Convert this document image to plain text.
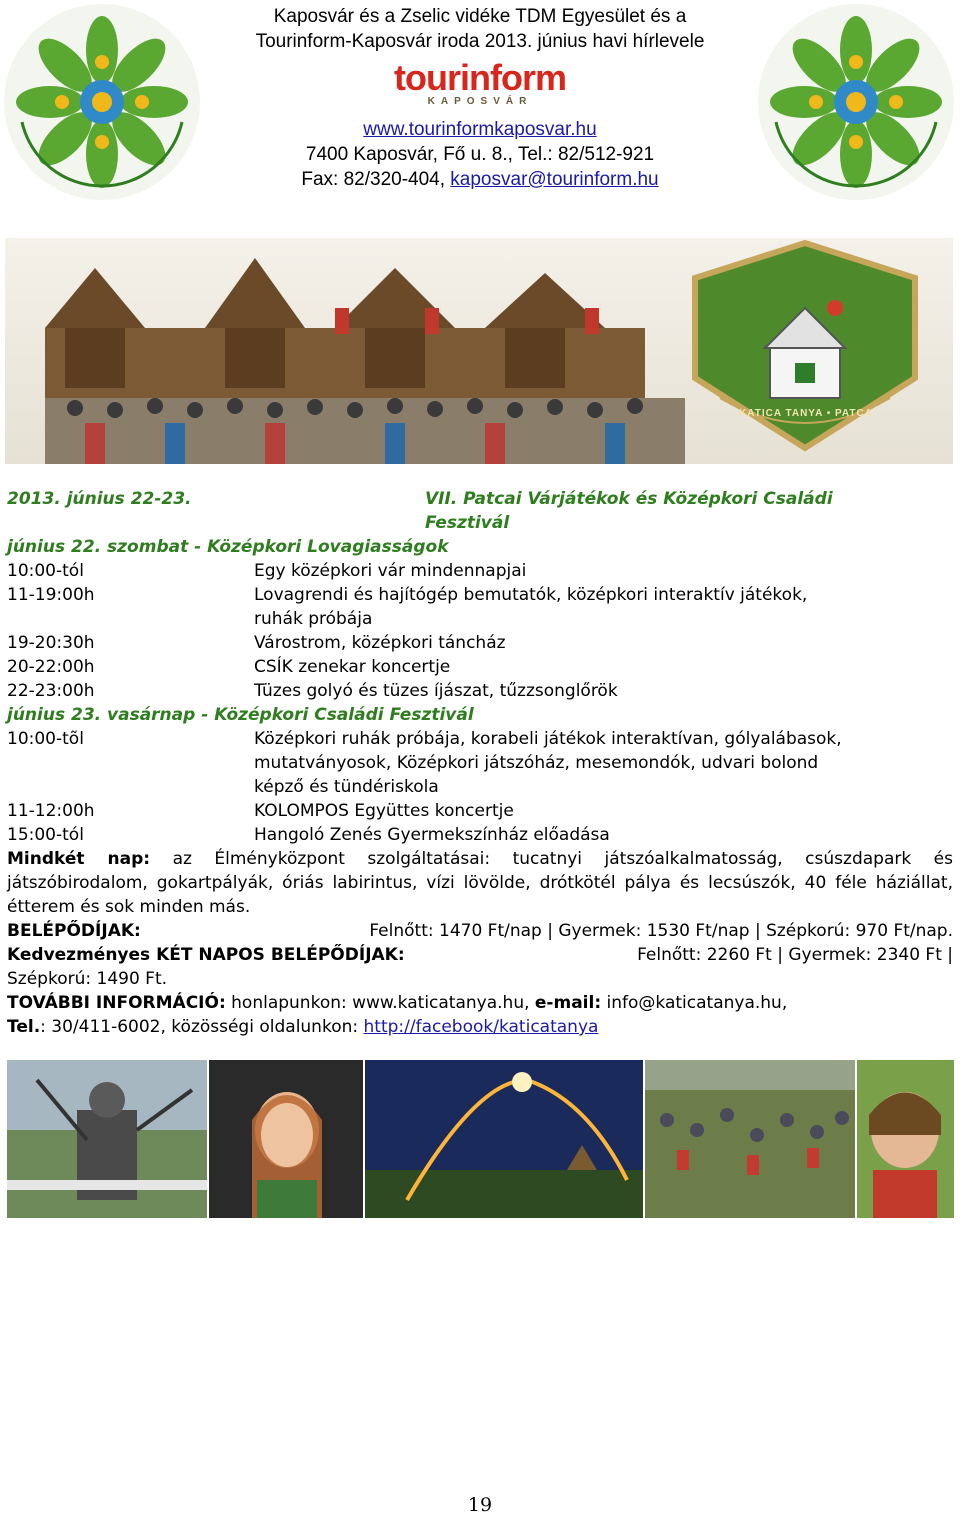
Kaposvár és a Zselic vidéke TDM Egyesület és a
Tourinform-Kaposvár iroda 2013. június havi hírlevele
tourinform
KAPOSVÁR
www.tourinformkaposvar.hu
7400 Kaposvár, Fő u. 8., Tel.: 82/512-921
Fax: 82/320-404, kaposvar@tourinform.hu
KATICA TANYA • PATCA
2013. június 22-23.	VII. Patcai Várjátékok és Középkori Családi
Fesztivál
június 22. szombat - Középkori Lovagiasságok
10:00-tól	Egy középkori vár mindennapjai
11-19:00h	Lovagrendi és hajítógép bemutatók, középkori interaktív játékok,
ruhák próbája
19-20:30h	Várostrom, középkori táncház
20-22:00h	CSÍK zenekar koncertje
22-23:00h	Tüzes golyó és tüzes íjászat, tűzzsonglőrök
június 23. vasárnap - Középkori Családi Fesztivál
10:00-tõl	Középkori ruhák próbája, korabeli játékok interaktívan, gólyalábasok,
mutatványosok, Középkori játszóház, mesemondók, udvari bolond
képző és tündériskola
11-12:00h	KOLOMPOS Együttes koncertje
15:00-tól	Hangoló Zenés Gyermekszínház előadása
Mindkét nap: az Élményközpont szolgáltatásai: tucatnyi játszóalkalmatosság, csúszdapark és játszóbirodalom, gokartpályák, óriás labirintus, vízi lövölde, drótkötél pálya és lecsúszók, 40 féle háziállat, étterem és sok minden más.
BELÉPŐDÍJAK:	Felnőtt: 1470 Ft/nap | Gyermek: 1530 Ft/nap | Szépkorú: 970 Ft/nap.
Kedvezményes KÉT NAPOS BELÉPŐDÍJAK:	Felnőtt: 2260 Ft | Gyermek: 2340 Ft |
Szépkorú: 1490 Ft.
TOVÁBBI INFORMÁCIÓ: honlapunkon: www.katicatanya.hu, e-mail: info@katicatanya.hu,
Tel.: 30/411-6002, közösségi oldalunkon: http://facebook/katicatanya
19
